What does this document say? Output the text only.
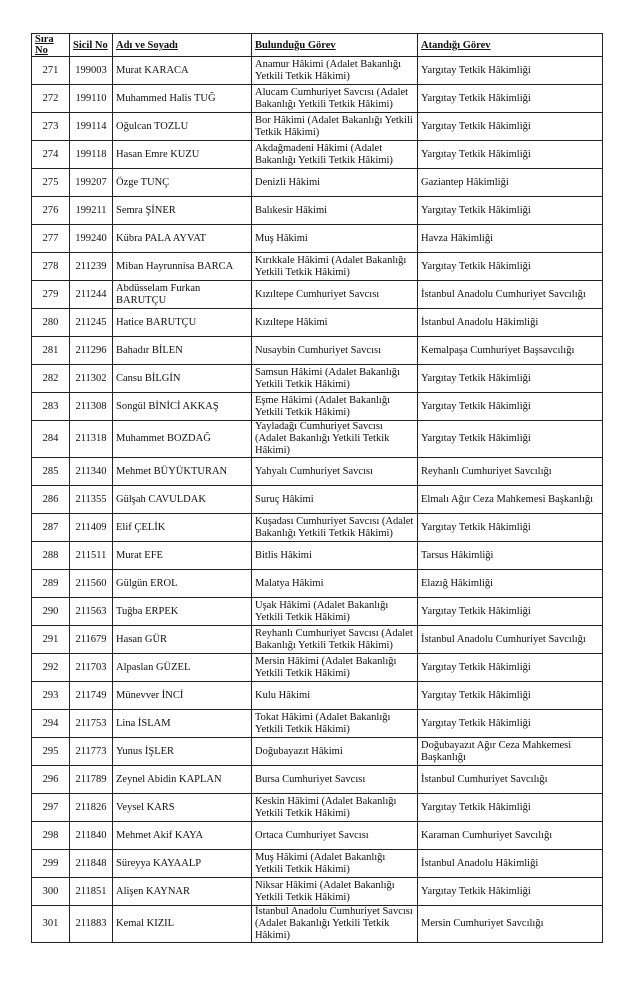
Sıra No	Sicil No	Adı ve Soyadı	Bulunduğu Görev	Atandığı Görev
271	199003	Murat KARACA	Anamur Hâkimi (Adalet Bakanlığı Yetkili Tetkik Hâkimi)	Yargıtay Tetkik Hâkimliği
272	199110	Muhammed Halis TUĞ	Alucam Cumhuriyet Savcısı (Adalet Bakanlığı Yetkili Tetkik Hâkimi)	Yargıtay Tetkik Hâkimliği
273	199114	Oğulcan TOZLU	Bor Hâkimi (Adalet Bakanlığı Yetkili Tetkik Hâkimi)	Yargıtay Tetkik Hâkimliği
274	199118	Hasan Emre KUZU	Akdağmadeni Hâkimi (Adalet Bakanlığı Yetkili Tetkik Hâkimi)	Yargıtay Tetkik Hâkimliği
275	199207	Özge TUNÇ	Denizli Hâkimi	Gaziantep Hâkimliği
276	199211	Semra ŞİNER	Balıkesir Hâkimi	Yargıtay Tetkik Hâkimliği
277	199240	Kübra PALA AYVAT	Muş Hâkimi	Havza Hâkimliği
278	211239	Miban Hayrunnisa BARCA	Kırıkkale Hâkimi (Adalet Bakanlığı Yetkili Tetkik Hâkimi)	Yargıtay Tetkik Hâkimliği
279	211244	Abdüsselam Furkan BARUTÇU	Kızıltepe Cumhuriyet Savcısı	İstanbul Anadolu Cumhuriyet Savcılığı
280	211245	Hatice BARUTÇU	Kızıltepe Hâkimi	İstanbul Anadolu Hâkimliği
281	211296	Bahadır BİLEN	Nusaybin Cumhuriyet Savcısı	Kemalpaşa Cumhuriyet Başsavcılığı
282	211302	Cansu BİLGİN	Samsun Hâkimi (Adalet Bakanlığı Yetkili Tetkik Hâkimi)	Yargıtay Tetkik Hâkimliği
283	211308	Songül BİNİCİ AKKAŞ	Eşme Hâkimi (Adalet Bakanlığı Yetkili Tetkik Hâkimi)	Yargıtay Tetkik Hâkimliği
284	211318	Muhammet BOZDAĞ	Yayladağı Cumhuriyet Savcısı (Adalet Bakanlığı Yetkili Tetkik Hâkimi)	Yargıtay Tetkik Hâkimliği
285	211340	Mehmet BÜYÜKTURAN	Yahyalı Cumhuriyet Savcısı	Reyhanlı Cumhuriyet Savcılığı
286	211355	Gülşah CAVULDAK	Suruç Hâkimi	Elmalı Ağır Ceza Mahkemesi Başkanlığı
287	211409	Elif ÇELİK	Kuşadası Cumhuriyet Savcısı (Adalet Bakanlığı Yetkili Tetkik Hâkimi)	Yargıtay Tetkik Hâkimliği
288	211511	Murat EFE	Bitlis Hâkimi	Tarsus Hâkimliği
289	211560	Gülgün EROL	Malatya Hâkimi	Elazığ Hâkimliği
290	211563	Tuğba ERPEK	Uşak Hâkimi (Adalet Bakanlığı Yetkili Tetkik Hâkimi)	Yargıtay Tetkik Hâkimliği
291	211679	Hasan GÜR	Reyhanlı Cumhuriyet Savcısı (Adalet Bakanlığı Yetkili Tetkik Hâkimi)	İstanbul Anadolu Cumhuriyet Savcılığı
292	211703	Alpaslan GÜZEL	Mersin Hâkimi (Adalet Bakanlığı Yetkili Tetkik Hâkimi)	Yargıtay Tetkik Hâkimliği
293	211749	Münevver İNCİ	Kulu Hâkimi	Yargıtay Tetkik Hâkimliği
294	211753	Lina İSLAM	Tokat Hâkimi (Adalet Bakanlığı Yetkili Tetkik Hâkimi)	Yargıtay Tetkik Hâkimliği
295	211773	Yunus İŞLER	Doğubayazıt Hâkimi	Doğubayazıt Ağır Ceza Mahkemesi Başkanlığı
296	211789	Zeynel Abidin KAPLAN	Bursa Cumhuriyet Savcısı	İstanbul Cumhuriyet Savcılığı
297	211826	Veysel KARS	Keskin Hâkimi (Adalet Bakanlığı Yetkili Tetkik Hâkimi)	Yargıtay Tetkik Hâkimliği
298	211840	Mehmet Akif KAYA	Ortaca Cumhuriyet Savcısı	Karaman Cumhuriyet Savcılığı
299	211848	Süreyya KAYAALP	Muş Hâkimi (Adalet Bakanlığı Yetkili Tetkik Hâkimi)	İstanbul Anadolu Hâkimliği
300	211851	Alişen KAYNAR	Niksar Hâkimi (Adalet Bakanlığı Yetkili Tetkik Hâkimi)	Yargıtay Tetkik Hâkimliği
301	211883	Kemal KIZIL	İstanbul Anadolu Cumhuriyet Savcısı (Adalet Bakanlığı Yetkili Tetkik Hâkimi)	Mersin Cumhuriyet Savcılığı
